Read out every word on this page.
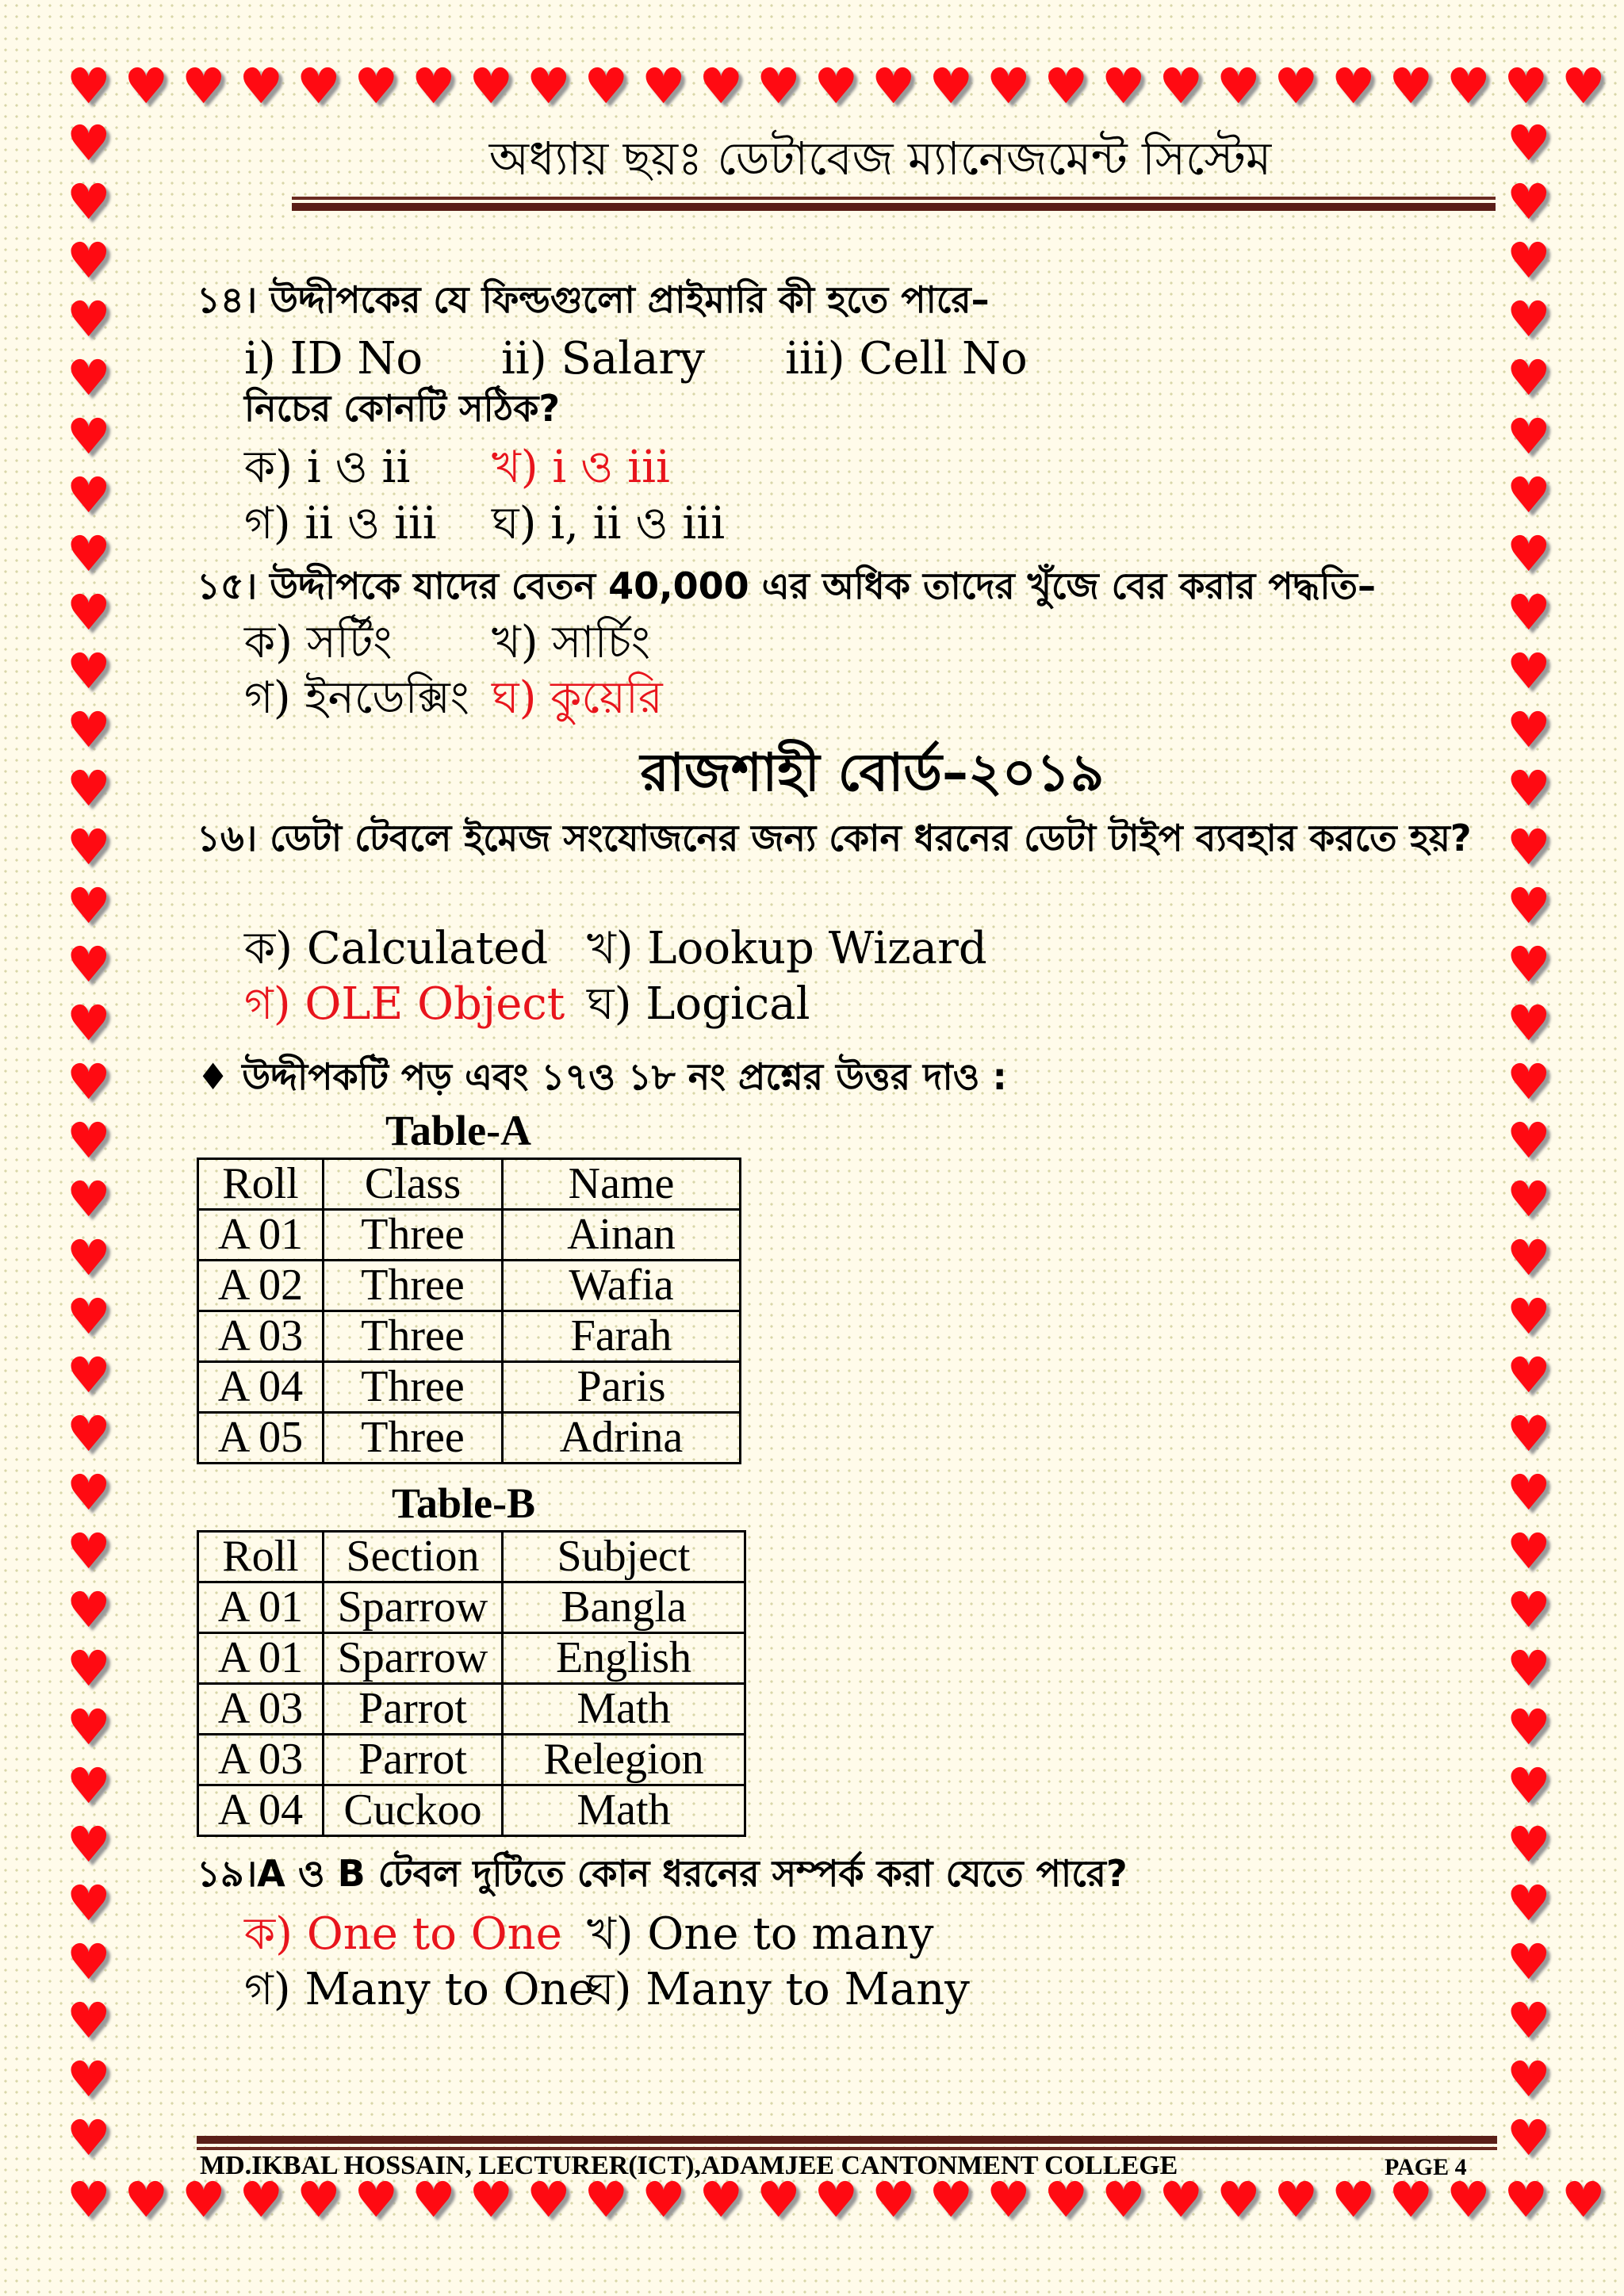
♥ ♥ ♥ ♥ ♥ ♥ ♥ ♥ ♥ ♥ ♥ ♥ ♥ ♥ ♥ ♥ ♥ ♥ ♥ ♥ ♥ ♥ ♥ ♥ ♥ ♥ ♥
♥ ♥ ♥ ♥ ♥ ♥ ♥ ♥ ♥ ♥ ♥ ♥ ♥ ♥ ♥ ♥ ♥ ♥ ♥ ♥ ♥ ♥ ♥ ♥ ♥ ♥ ♥
♥
♥
♥
♥
♥
♥
♥
♥
♥
♥
♥
♥
♥
♥
♥
♥
♥
♥
♥
♥
♥
♥
♥
♥
♥
♥
♥
♥
♥
♥
♥
♥
♥
♥
♥
♥
♥
♥
♥
♥
♥
♥
♥
♥
♥
♥
♥
♥
♥
♥
♥
♥
♥
♥
♥
♥
♥
♥
♥
♥
♥
♥
♥
♥
♥
♥
♥
♥
♥
♥
অধ্যায় ছয়ঃ ডেটাবেজ ম্যানেজমেন্ট সিস্টেম
১৪। উদ্দীপকের যে ফিল্ডগুলো প্রাইমারি কী হতে পারে–
i) ID No ii) Salary iii) Cell No
নিচের কোনটি সঠিক?
ক) i ও ii খ) i ও iii
গ) ii ও iii ঘ) i, ii ও iii
১৫। উদ্দীপকে যাদের বেতন 40,000 এর অধিক তাদের খুঁজে বের করার পদ্ধতি–
ক) সর্টিং খ) সার্চিং
গ) ইনডেক্সিং ঘ) কুয়েরি
রাজশাহী বোর্ড–২০১৯
১৬। ডেটা টেবলে ইমেজ সংযোজনের জন্য কোন ধরনের ডেটা টাইপ ব্যবহার করতে হয়?
ক) Calculated খ) Lookup Wizard
গ) OLE Object ঘ) Logical
♦ উদ্দীপকটি পড় এবং ১৭ও ১৮ নং প্রশ্নের উত্তর দাও :
Table-A
Roll	Class	Name
A 01	Three	Ainan
A 02	Three	Wafia
A 03	Three	Farah
A 04	Three	Paris
A 05	Three	Adrina
Table-B
Roll	Section	Subject
A 01	Sparrow	Bangla
A 01	Sparrow	English
A 03	Parrot	Math
A 03	Parrot	Relegion
A 04	Cuckoo	Math
১৯।A ও B টেবল দুটিতে কোন ধরনের সম্পর্ক করা যেতে পারে?
ক) One to One খ) One to many
গ) Many to One
ঘ) Many to Many
MD.IKBAL HOSSAIN, LECTURER(ICT),ADAMJEE CANTONMENT COLLEGE	PAGE 4
